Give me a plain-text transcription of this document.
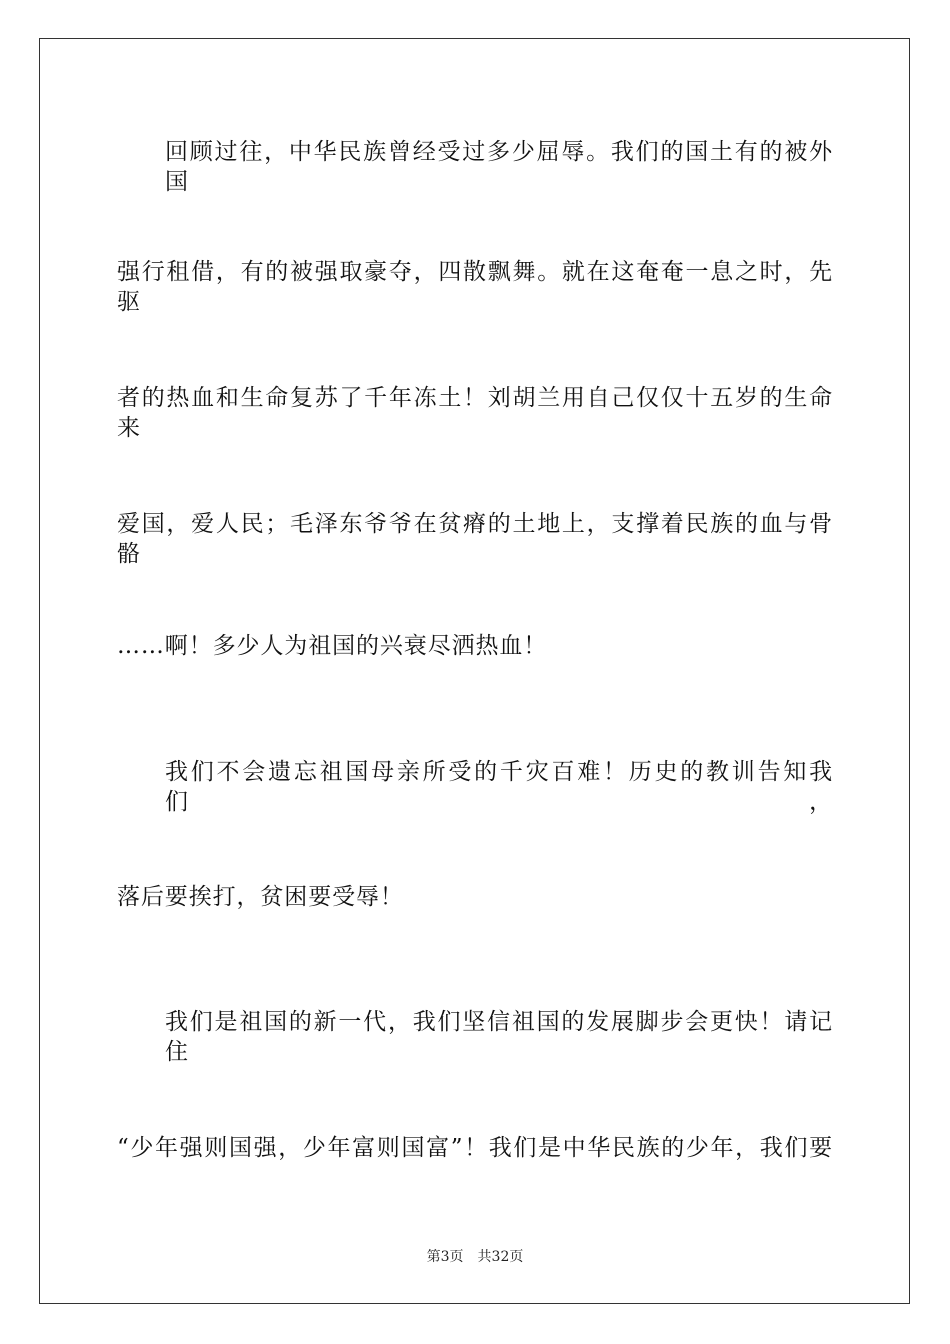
回顾过往，中华民族曾经受过多少屈辱。我们的国土有的被外国
强行租借，有的被强取豪夺，四散飘舞。就在这奄奄一息之时，先驱
者的热血和生命复苏了千年冻土！刘胡兰用自己仅仅十五岁的生命来
爱国，爱人民；毛泽东爷爷在贫瘠的土地上，支撑着民族的血与骨骼
……啊！多少人为祖国的兴衰尽洒热血！
我们不会遗忘祖国母亲所受的千灾百难！历史的教训告知我们，
落后要挨打，贫困要受辱！
我们是祖国的新一代，我们坚信祖国的发展脚步会更快！请记住
“少年强则国强，少年富则国富”！我们是中华民族的少年，我们要
第3页 共32页
